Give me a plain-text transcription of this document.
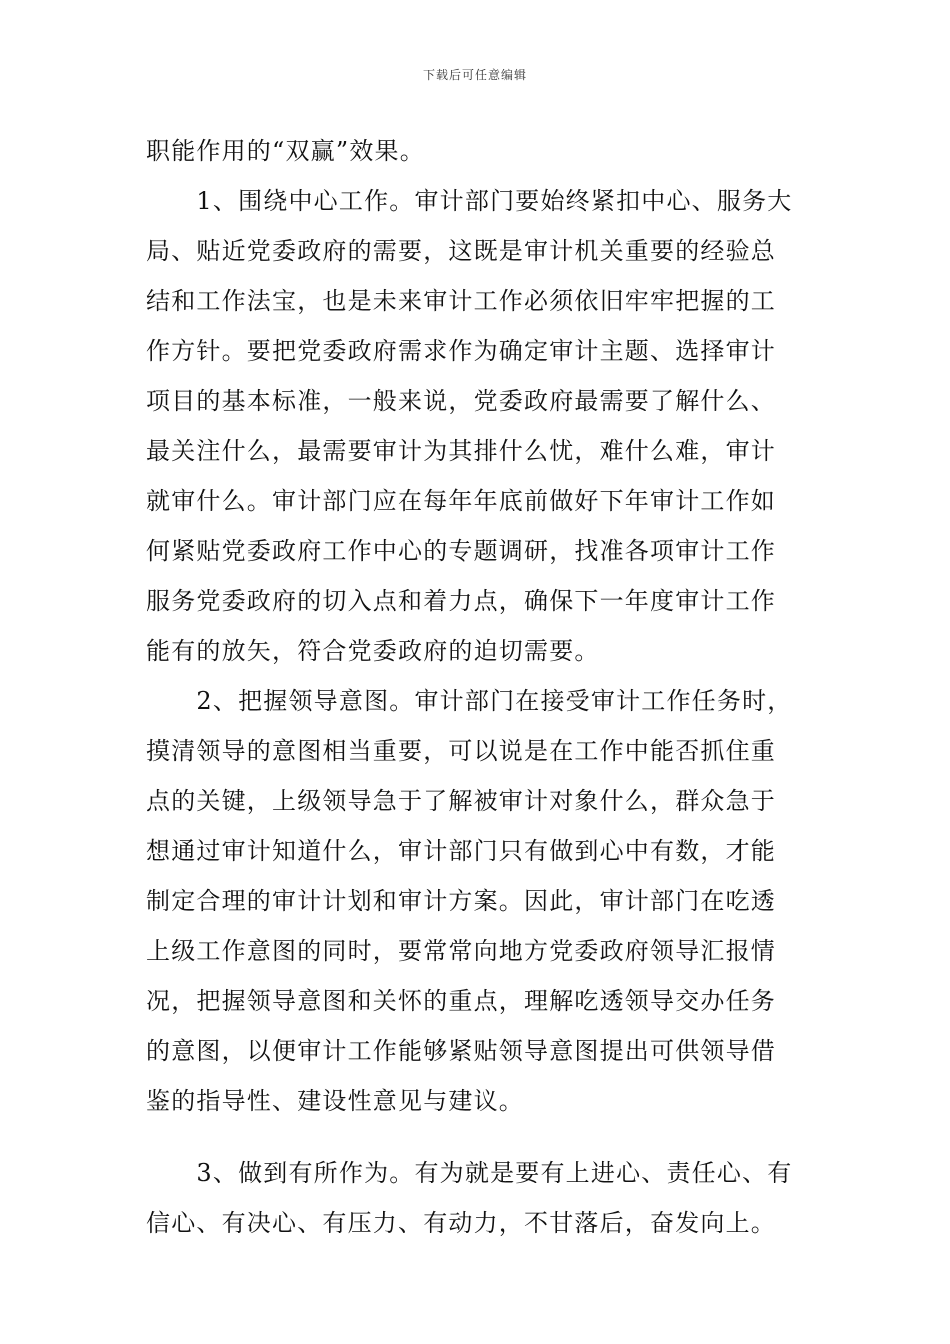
下载后可任意编辑
职能作用的“双赢”效果。
　　1、围绕中心工作。审计部门要始终紧扣中心、服务大
局、贴近党委政府的需要，这既是审计机关重要的经验总
结和工作法宝，也是未来审计工作必须依旧牢牢把握的工
作方针。要把党委政府需求作为确定审计主题、选择审计
项目的基本标准，一般来说，党委政府最需要了解什么、
最关注什么，最需要审计为其排什么忧，难什么难，审计
就审什么。审计部门应在每年年底前做好下年审计工作如
何紧贴党委政府工作中心的专题调研，找准各项审计工作
服务党委政府的切入点和着力点，确保下一年度审计工作
能有的放矢，符合党委政府的迫切需要。
　　2、把握领导意图。审计部门在接受审计工作任务时，
摸清领导的意图相当重要，可以说是在工作中能否抓住重
点的关键，上级领导急于了解被审计对象什么，群众急于
想通过审计知道什么，审计部门只有做到心中有数，才能
制定合理的审计计划和审计方案。因此，审计部门在吃透
上级工作意图的同时，要常常向地方党委政府领导汇报情
况，把握领导意图和关怀的重点，理解吃透领导交办任务
的意图，以便审计工作能够紧贴领导意图提出可供领导借
鉴的指导性、建设性意见与建议。
　　3、做到有所作为。有为就是要有上进心、责任心、有
信心、有决心、有压力、有动力，不甘落后，奋发向上。
